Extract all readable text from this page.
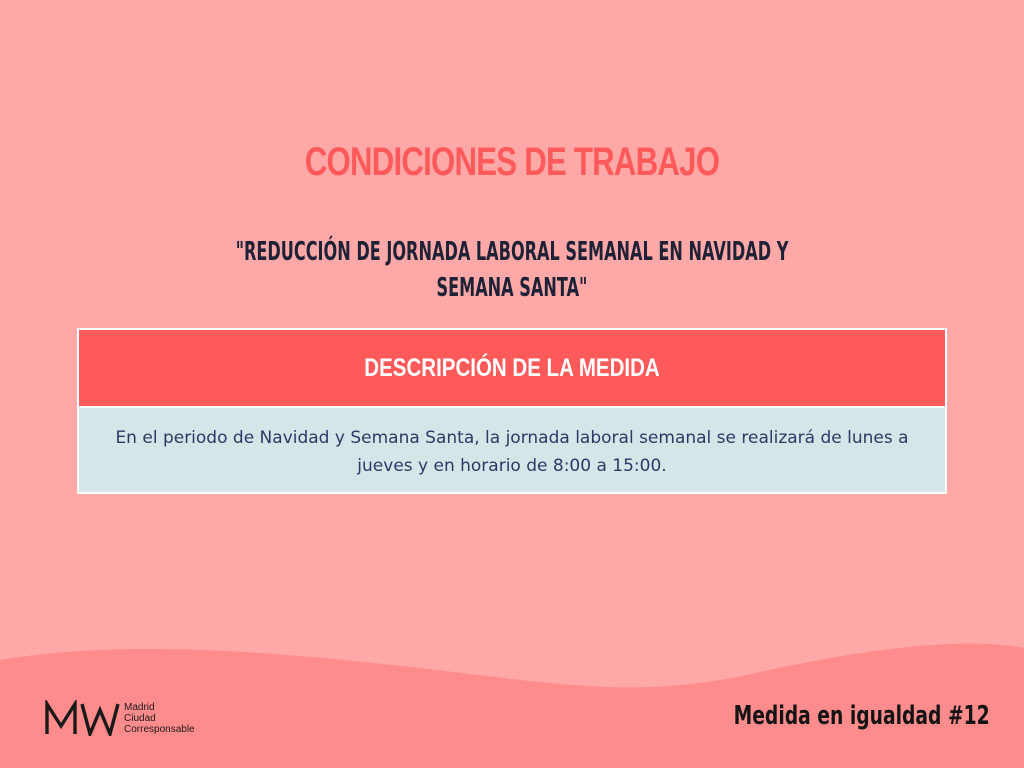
CONDICIONES DE TRABAJO
"REDUCCIÓN DE JORNADA LABORAL SEMANAL EN NAVIDAD Y SEMANA SANTA"
DESCRIPCIÓN DE LA MEDIDA
En el periodo de Navidad y Semana Santa, la jornada laboral semanal se realizará de lunes a jueves y en horario de 8:00 a 15:00.
Madrid
Ciudad
Corresponsable	Medida en igualdad #12
